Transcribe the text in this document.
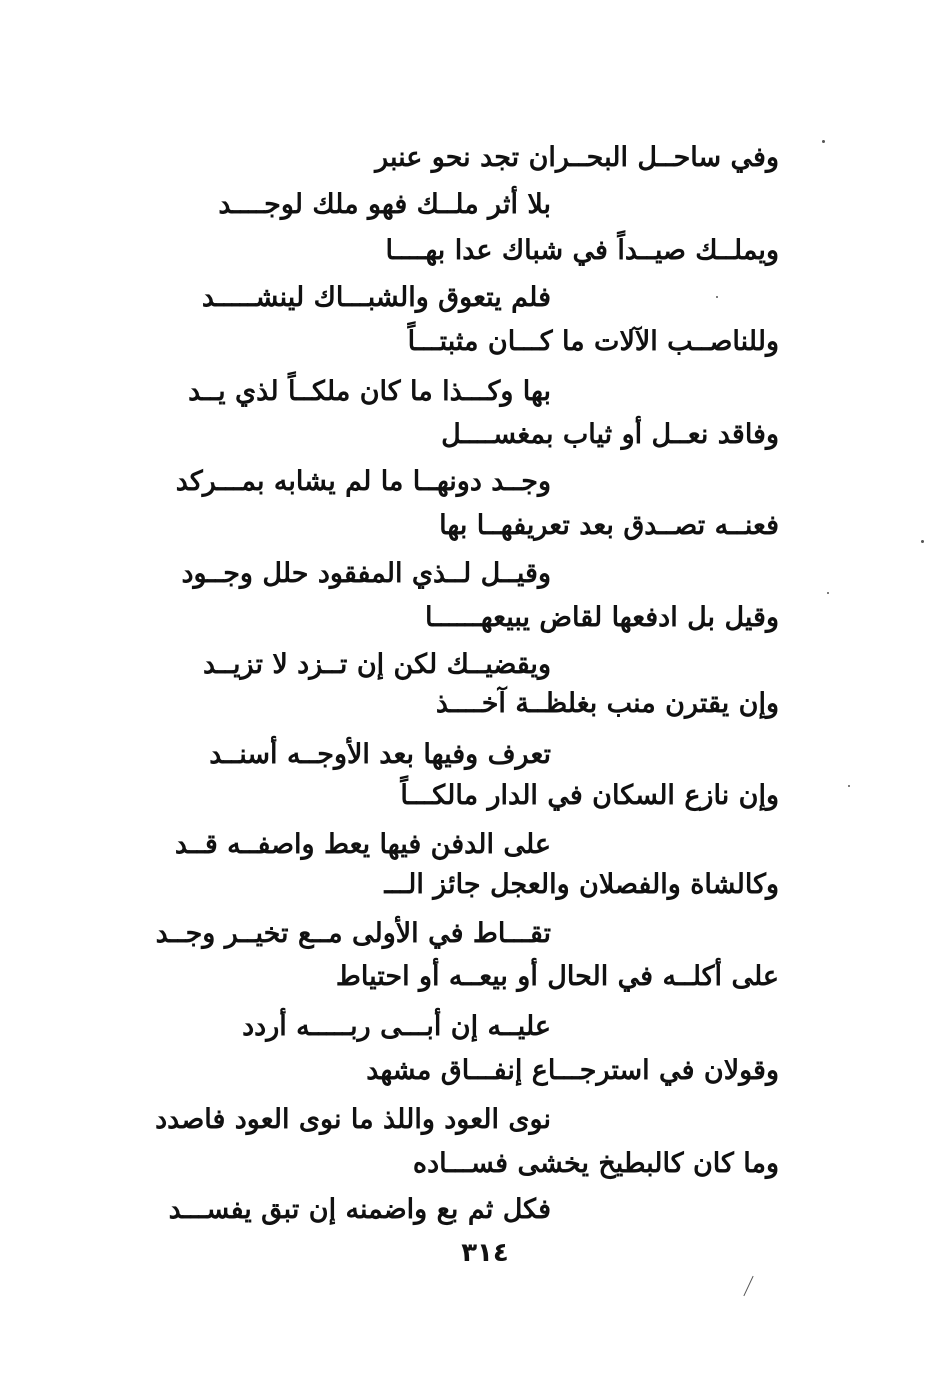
وفي ساحــل البحــران تجد نحو عنبر
بلا أثر ملــك فهو ملك لوجــــد
ويملــك صيــداً في شباك عدا بهــــا
فلم يتعوق والشبـــاك لينشـــــد
وللناصــب الآلات ما كـــان مثبتـــاً
بها وكـــذا ما كان ملكــاً لذي يــد
وفاقد نعــل أو ثياب بمغســــل
وجــد دونهــا ما لم يشابه بمـــركد
فعنــه تصــدق بعد تعريفهــا بها
وقيــل لــذي المفقود حلل وجــود
وقيل بل ادفعها لقاض يبيعهــــــا
ويقضيــك لكن إن تــزد لا تزيــد
وإن يقترن منب بغلظــة آخــــذ
تعرف وفيها بعد الأوجــه أسنــد
وإن نازع السكان في الدار مالكـــاً
على الدفن فيها يعط واصفــه قــد
وكالشاة والفصلان والعجل جائز الـــ
تقـــاط في الأولى مــع تخيــر وجــد
على أكلــه في الحال أو بيعــه أو احتياط
عليــه إن أبـــى ربـــــه أردد
وقولان في استرجـــاع إنفـــاق مشهد
نوى العود واللذ ما نوى العود فاصدد
وما كان كالبطيخ يخشى فســـاده
فكل ثم بع واضمنه إن تبق يفســـد
٣١٤
